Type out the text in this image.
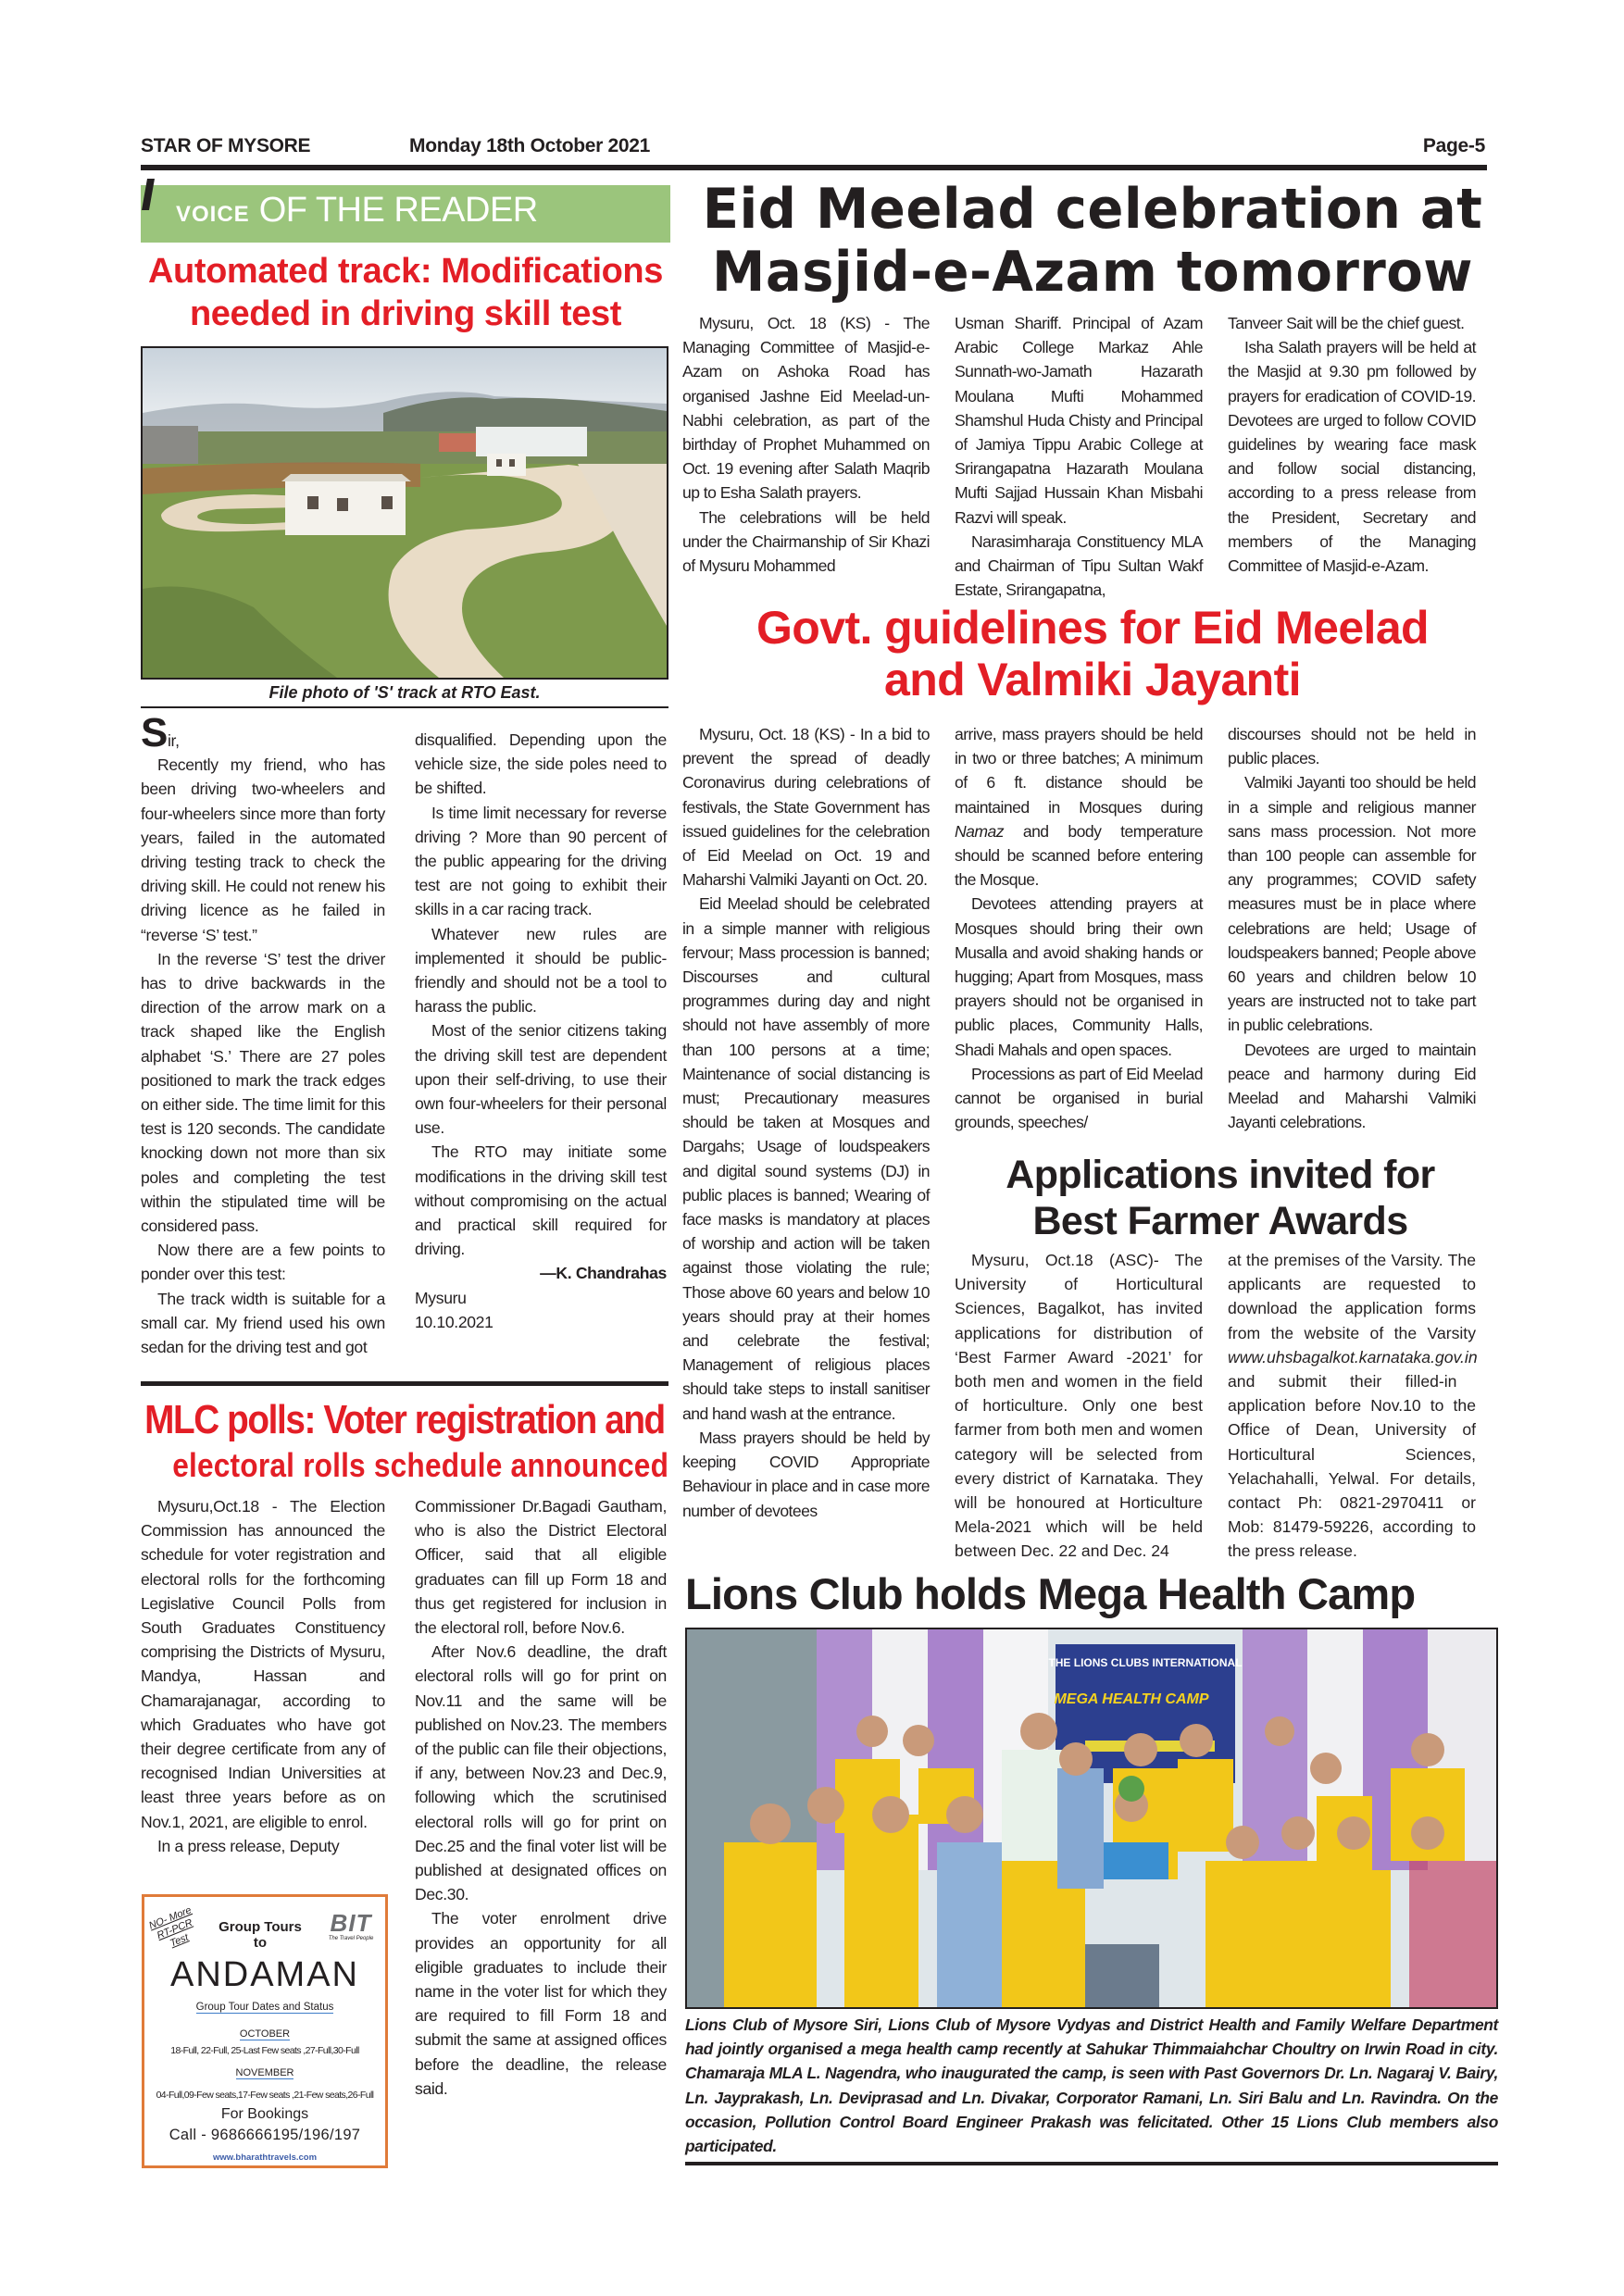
STAR OF MYSORE	Monday 18th October 2021	Page-5
VOICE OF THE READER
Automated track: Modifications
needed in driving skill test
File photo of 'S' track at RTO East.

Sir,

Recently my friend, who has been driving two-wheelers and four-wheelers since more than forty years, failed in the automated driving testing track to check the driving skill. He could not renew his driving licence as he failed in “reverse ‘S’ test.”

In the reverse ‘S’ test the driver has to drive backwards in the direction of the arrow mark on a track shaped like the English alphabet ‘S.’ There are 27 poles positioned to mark the track edges on either side. The time limit for this test is 120 seconds. The candidate knocking down not more than six poles and completing the test within the stipulated time will be considered pass.

Now there are a few points to ponder over this test:

The track width is suitable for a small car. My friend used his own sedan for the driving test and got

disqualified. Depending upon the vehicle size, the side poles need to be shifted.

Is time limit necessary for reverse driving ? More than 90 percent of the public appearing for the driving test are not going to exhibit their skills in a car racing track.

Whatever new rules are implemented it should be public-friendly and should not be a tool to harass the public.

Most of the senior citizens taking the driving skill test are dependent upon their self-driving, to use their own four-wheelers for their personal use.

The RTO may initiate some modifications in the driving skill test without compromising on the actual and practical skill required for driving.

—K. Chandrahas

Mysuru

10.10.2021

MLC polls: Voter registration and
electoral rolls schedule announced

Mysuru,Oct.18 - The Election Commission has announced the schedule for voter registration and electoral rolls for the forthcoming Legislative Council Polls from South Graduates Constituency comprising the Districts of Mysuru, Mandya, Hassan and Chamarajanagar, according to which Graduates who have got their degree certificate from any of recognised Indian Universities at least three years before as on Nov.1, 2021, are eligible to enrol.

In a press release, Deputy

Commissioner Dr.Bagadi Gautham, who is also the District Electoral Officer, said that all eligible graduates can fill up Form 18 and thus get registered for inclusion in the electoral roll, before Nov.6.

After Nov.6 deadline, the draft electoral rolls will go for print on Nov.11 and the same will be published on Nov.23. The members of the public can file their objections, if any, between Nov.23 and Dec.9, following which the scrutinised electoral rolls will go for print on Dec.25 and the final voter list will be published at designated offices on Dec.30.

The voter enrolment drive provides an opportunity for all eligible graduates to include their name in the voter list for which they are required to fill Form 18 and submit the same at assigned offices before the deadline, the release said.

NO- More RT-PCR Test
Group Tours
to
BIT
The Travel People
ANDAMAN
Group Tour Dates and Status
OCTOBER
18-Full, 22-Full, 25-Last Few seats ,27-Full,30-Full
NOVEMBER
04-Full,09-Few seats,17-Few seats ,21-Few seats,26-Full
For Bookings
Call - 9686666195/196/197
www.bharathtravels.com
Eid Meelad celebration at
Masjid-e-Azam tomorrow

Mysuru, Oct. 18 (KS) - The Managing Committee of Masjid-e-Azam on Ashoka Road has organised Jashne Eid Meelad-un-Nabhi celebration, as part of the birthday of Prophet Muhammed on Oct. 19 evening after Salath Maqrib up to Esha Salath prayers.

The celebrations will be held under the Chairmanship of Sir Khazi of Mysuru Mohammed

Usman Shariff. Principal of Azam Arabic College Markaz Ahle Sunnath-wo-Jamath Hazarath Moulana Mufti Mohammed Shamshul Huda Chisty and Principal of Jamiya Tippu Arabic College at Srirangapatna Hazarath Moulana Mufti Sajjad Hussain Khan Misbahi Razvi will speak.

Narasimharaja Constituency MLA and Chairman of Tipu Sultan Wakf Estate, Srirangapatna,

Tanveer Sait will be the chief guest.

Isha Salath prayers will be held at the Masjid at 9.30 pm followed by prayers for eradication of COVID-19. Devotees are urged to follow COVID guidelines by wearing face mask and follow social distancing, according to a press release from the President, Secretary and members of the Managing Committee of Masjid-e-Azam.

Govt. guidelines for Eid Meelad
and Valmiki Jayanti

Mysuru, Oct. 18 (KS) - In a bid to prevent the spread of deadly Coronavirus during celebrations of festivals, the State Government has issued guidelines for the celebration of Eid Meelad on Oct. 19 and Maharshi Valmiki Jayanti on Oct. 20.

Eid Meelad should be celebrated in a simple manner with religious fervour; Mass procession is banned; Discourses and cultural programmes during day and night should not have assembly of more than 100 persons at a time; Maintenance of social distancing is must; Precautionary measures should be taken at Mosques and Dargahs; Usage of loudspeakers and digital sound systems (DJ) in public places is banned; Wearing of face masks is mandatory at places of worship and action will be taken against those violating the rule; Those above 60 years and below 10 years should pray at their homes and celebrate the festival; Management of religious places should take steps to install sanitiser and hand wash at the entrance.

Mass prayers should be held by keeping COVID Appropriate Behaviour in place and in case more number of devotees

arrive, mass prayers should be held in two or three batches; A minimum of 6 ft. distance should be maintained in Mosques during Namaz and body temperature should be scanned before entering the Mosque.

Devotees attending prayers at Mosques should bring their own Musalla and avoid shaking hands or hugging; Apart from Mosques, mass prayers should not be organised in public places, Community Halls, Shadi Mahals and open spaces.

Processions as part of Eid Meelad cannot be organised in burial grounds, speeches/

discourses should not be held in public places.

Valmiki Jayanti too should be held in a simple and religious manner sans mass procession. Not more than 100 people can assemble for any programmes; COVID safety measures must be in place where celebrations are held; Usage of loudspeakers banned; People above 60 years and children below 10 years are instructed not to take part in public celebrations.

Devotees are urged to maintain peace and harmony during Eid Meelad and Maharshi Valmiki Jayanti celebrations.

Applications invited for
Best Farmer Awards

Mysuru, Oct.18 (ASC)- The University of Horticultural Sciences, Bagalkot, has invited applications for distribution of ‘Best Farmer Award -2021’ for both men and women in the field of horticulture. Only one best farmer from both men and women category will be selected from every district of Karnataka. They will be honoured at Horticulture Mela-2021 which will be held between Dec. 22 and Dec. 24

at the premises of the Varsity. The applicants are requested to download the application forms from the website of the Varsity www.uhsbagalkot.karnataka.gov.in and submit their filled-in application before Nov.10 to the Office of Dean, University of Horticultural Sciences, Yelachahalli, Yelwal. For details, contact Ph: 0821-2970411 or Mob: 81479-59226, according to the press release.

Lions Club holds Mega Health Camp
THE LIONS CLUBS INTERNATIONAL
MEGA HEALTH CAMP
Lions Club of Mysore Siri, Lions Club of Mysore Vydyas and District Health and Family Welfare Department had jointly organised a mega health camp recently at Sahukar Thimmaiahchar Choultry on Irwin Road in city. Chamaraja MLA L. Nagendra, who inaugurated the camp, is seen with Past Governors Dr. Ln. Nagaraj V. Bairy, Ln. Jayprakash, Ln. Deviprasad and Ln. Divakar, Corporator Ramani, Ln. Siri Balu and Ln. Ravindra. On the occasion, Pollution Control Board Engineer Prakash was felicitated. Other 15 Lions Club members also participated.
